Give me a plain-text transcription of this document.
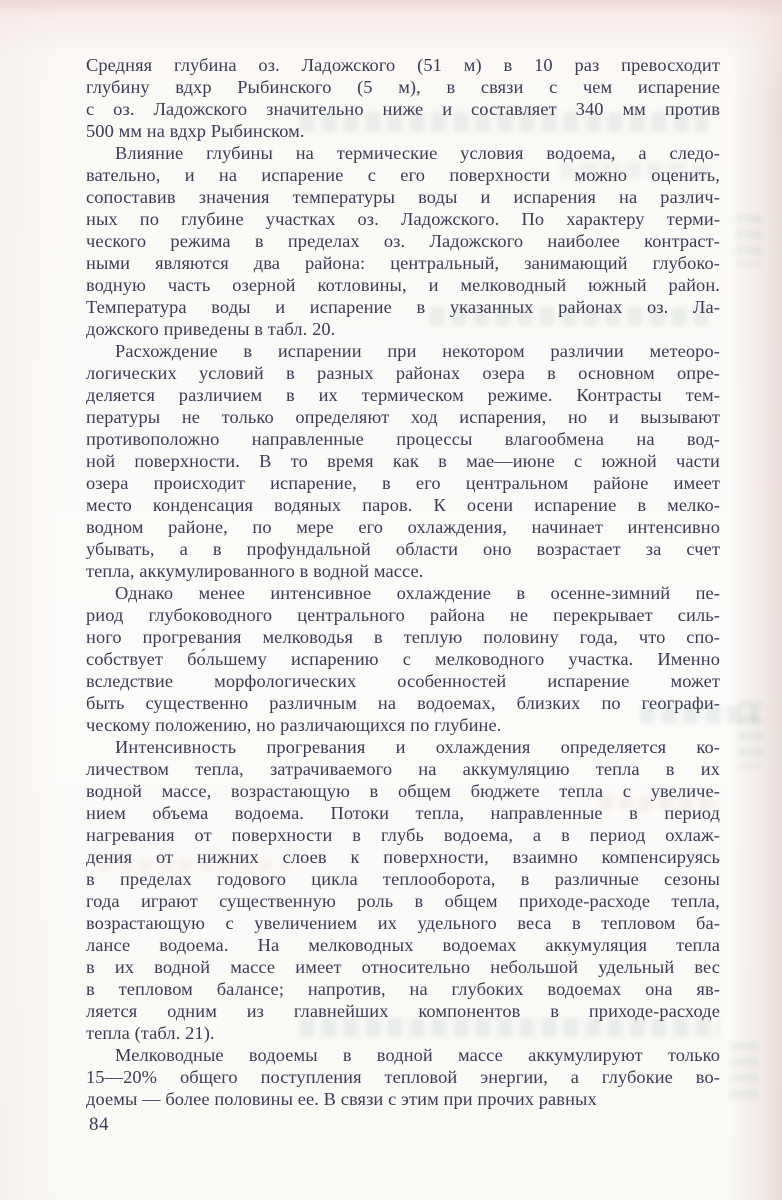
Средняя глубина оз. Ладожского (51 м) в 10 раз превосходит
глубину вдхр Рыбинского (5 м), в связи с чем испарение
с оз. Ладожского значительно ниже и составляет 340 мм против
500 мм на вдхр Рыбинском.
Влияние глубины на термические условия водоема, а следо-
вательно, и на испарение с его поверхности можно оценить,
сопоставив значения температуры воды и испарения на различ-
ных по глубине участках оз. Ладожского. По характеру терми-
ческого режима в пределах оз. Ладожского наиболее контраст-
ными являются два района: центральный, занимающий глубоко-
водную часть озерной котловины, и мелководный южный район.
Температура воды и испарение в указанных районах оз. Ла-
дожского приведены в табл. 20.
Расхождение в испарении при некотором различии метеоро-
логических условий в разных районах озера в основном опре-
деляется различием в их термическом режиме. Контрасты тем-
пературы не только определяют ход испарения, но и вызывают
противоположно направленные процессы влагообмена на вод-
ной поверхности. В то время как в мае—июне с южной части
озера происходит испарение, в его центральном районе имеет
место конденсация водяных паров. К осени испарение в мелко-
водном районе, по мере его охлаждения, начинает интенсивно
убывать, а в профундальной области оно возрастает за счет
тепла, аккумулированного в водной массе.
Однако менее интенсивное охлаждение в осенне-зимний пе-
риод глубоководного центрального района не перекрывает силь-
ного прогревания мелководья в теплую половину года, что спо-
собствует бо́льшему испарению с мелководного участка. Именно
вследствие морфологических особенностей испарение может
быть существенно различным на водоемах, близких по географи-
ческому положению, но различающихся по глубине.
Интенсивность прогревания и охлаждения определяется ко-
личеством тепла, затрачиваемого на аккумуляцию тепла в их
водной массе, возрастающую в общем бюджете тепла с увеличе-
нием объема водоема. Потоки тепла, направленные в период
нагревания от поверхности в глубь водоема, а в период охлаж-
дения от нижних слоев к поверхности, взаимно компенсируясь
в пределах годового цикла теплооборота, в различные сезоны
года играют существенную роль в общем приходе-расходе тепла,
возрастающую с увеличением их удельного веса в тепловом ба-
лансе водоема. На мелководных водоемах аккумуляция тепла
в их водной массе имеет относительно небольшой удельный вес
в тепловом балансе; напротив, на глубоких водоемах она яв-
ляется одним из главнейших компонентов в приходе-расходе
тепла (табл. 21).
Мелководные водоемы в водной массе аккумулируют только
15—20% общего поступления тепловой энергии, а глубокие во-
доемы — более половины ее. В связи с этим при прочих равных
84
